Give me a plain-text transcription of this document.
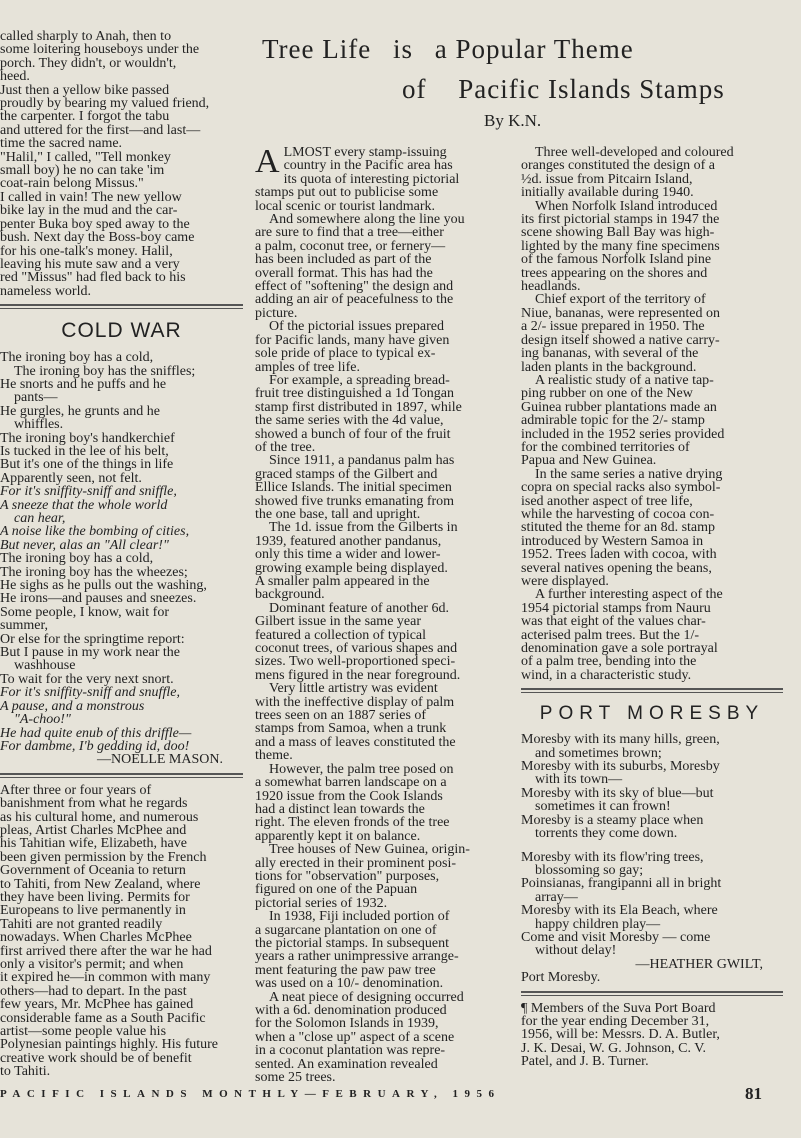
called sharply to Anah, then to
some loitering houseboys under the
porch. They didn't, or wouldn't,
heed.
Just then a yellow bike passed
proudly by bearing my valued friend,
the carpenter. I forgot the tabu
and uttered for the first—and last—
time the sacred name.
"Halil," I called, "Tell monkey
small boy) he no can take 'im
coat-rain belong Missus."
I called in vain! The new yellow
bike lay in the mud and the car-
penter Buka boy sped away to the
bush. Next day the Boss-boy came
for his one-talk's money. Halil,
leaving his mute saw and a very
red "Missus" had fled back to his
nameless world.
COLD WAR
The ironing boy has a cold,
The ironing boy has the sniffles;
He snorts and he puffs and he
pants—
He gurgles, he grunts and he
whiffles.
The ironing boy's handkerchief
Is tucked in the lee of his belt,
But it's one of the things in life
Apparently seen, not felt.
For it's sniffity-sniff and sniffle,
A sneeze that the whole world
can hear,
A noise like the bombing of cities,
But never, alas an "All clear!"
The ironing boy has a cold,
The ironing boy has the wheezes;
He sighs as he pulls out the washing,
He irons—and pauses and sneezes.
Some people, I know, wait for
summer,
Or else for the springtime report:
But I pause in my work near the
washhouse
To wait for the very next snort.
For it's sniffity-sniff and snuffle,
A pause, and a monstrous
"A-choo!"
He had quite enub of this driffle—
For dambme, I'b gedding id, doo!
—NOELLE MASON.
After three or four years of
banishment from what he regards
as his cultural home, and numerous
pleas, Artist Charles McPhee and
his Tahitian wife, Elizabeth, have
been given permission by the French
Government of Oceania to return
to Tahiti, from New Zealand, where
they have been living. Permits for
Europeans to live permanently in
Tahiti are not granted readily
nowadays. When Charles McPhee
first arrived there after the war he had
only a visitor's permit; and when
it expired he—in common with many
others—had to depart. In the past
few years, Mr. McPhee has gained
considerable fame as a South Pacific
artist—some people value his
Polynesian paintings highly. His future
creative work should be of benefit
to Tahiti.
Tree Life is a Popular Theme
of Pacific Islands Stamps
By K.N.
A LMOST every stamp-issuing
country in the Pacific area has
its quota of interesting pictorial
stamps put out to publicise some
local scenic or tourist landmark.
And somewhere along the line you
are sure to find that a tree—either
a palm, coconut tree, or fernery—
has been included as part of the
overall format. This has had the
effect of "softening" the design and
adding an air of peacefulness to the
picture.
Of the pictorial issues prepared
for Pacific lands, many have given
sole pride of place to typical ex-
amples of tree life.
For example, a spreading bread-
fruit tree distinguished a 1d Tongan
stamp first distributed in 1897, while
the same series with the 4d value,
showed a bunch of four of the fruit
of the tree.
Since 1911, a pandanus palm has
graced stamps of the Gilbert and
Ellice Islands. The initial specimen
showed five trunks emanating from
the one base, tall and upright.
The 1d. issue from the Gilberts in
1939, featured another pandanus,
only this time a wider and lower-
growing example being displayed.
A smaller palm appeared in the
background.
Dominant feature of another 6d.
Gilbert issue in the same year
featured a collection of typical
coconut trees, of various shapes and
sizes. Two well-proportioned speci-
mens figured in the near foreground.
Very little artistry was evident
with the ineffective display of palm
trees seen on an 1887 series of
stamps from Samoa, when a trunk
and a mass of leaves constituted the
theme.
However, the palm tree posed on
a somewhat barren landscape on a
1920 issue from the Cook Islands
had a distinct lean towards the
right. The eleven fronds of the tree
apparently kept it on balance.
Tree houses of New Guinea, origin-
ally erected in their prominent posi-
tions for "observation" purposes,
figured on one of the Papuan
pictorial series of 1932.
In 1938, Fiji included portion of
a sugarcane plantation on one of
the pictorial stamps. In subsequent
years a rather unimpressive arrange-
ment featuring the paw paw tree
was used on a 10/- denomination.
A neat piece of designing occurred
with a 6d. denomination produced
for the Solomon Islands in 1939,
when a "close up" aspect of a scene
in a coconut plantation was repre-
sented. An examination revealed
some 25 trees.
Three well-developed and coloured
oranges constituted the design of a
½d. issue from Pitcairn Island,
initially available during 1940.
When Norfolk Island introduced
its first pictorial stamps in 1947 the
scene showing Ball Bay was high-
lighted by the many fine specimens
of the famous Norfolk Island pine
trees appearing on the shores and
headlands.
Chief export of the territory of
Niue, bananas, were represented on
a 2/- issue prepared in 1950. The
design itself showed a native carry-
ing bananas, with several of the
laden plants in the background.
A realistic study of a native tap-
ping rubber on one of the New
Guinea rubber plantations made an
admirable topic for the 2/- stamp
included in the 1952 series provided
for the combined territories of
Papua and New Guinea.
In the same series a native drying
copra on special racks also symbol-
ised another aspect of tree life,
while the harvesting of cocoa con-
stituted the theme for an 8d. stamp
introduced by Western Samoa in
1952. Trees laden with cocoa, with
several natives opening the beans,
were displayed.
A further interesting aspect of the
1954 pictorial stamps from Nauru
was that eight of the values char-
acterised palm trees. But the 1/-
denomination gave a sole portrayal
of a palm tree, bending into the
wind, in a characteristic study.
PORT MORESBY
Moresby with its many hills, green,
and sometimes brown;
Moresby with its suburbs, Moresby
with its town—
Moresby with its sky of blue—but
sometimes it can frown!
Moresby is a steamy place when
torrents they come down.
Moresby with its flow'ring trees,
blossoming so gay;
Poinsianas, frangipanni all in bright
array—
Moresby with its Ela Beach, where
happy children play—
Come and visit Moresby — come
without delay!
—HEATHER GWILT,
Port Moresby.
¶ Members of the Suva Port Board
for the year ending December 31,
1956, will be: Messrs. D. A. Butler,
J. K. Desai, W. G. Johnson, C. V.
Patel, and J. B. Turner.
PACIFIC ISLANDS MONTHLY—FEBRUARY, 1956	81
